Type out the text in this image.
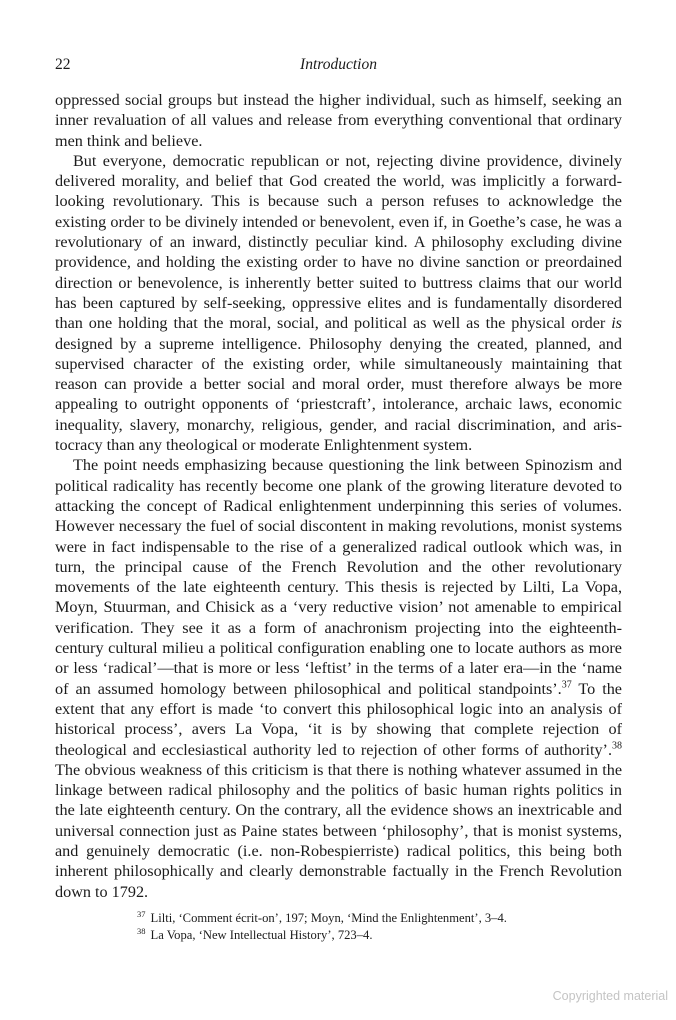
22	Introduction

oppressed social groups but instead the higher individual, such as himself, seeking an inner revaluation of all values and release from everything conventional that ordinary men think and believe.

But everyone, democratic republican or not, rejecting divine providence, divinely delivered morality, and belief that God created the world, was implicitly a forward-looking revolutionary. This is because such a person refuses to acknowledge the existing order to be divinely intended or benevolent, even if, in Goethe’s case, he was a revolutionary of an inward, distinctly peculiar kind. A philosophy excluding divine providence, and holding the existing order to have no divine sanction or preordained direction or benevolence, is inherently better suited to buttress claims that our world has been captured by self-seeking, oppressive elites and is fundamentally disordered than one holding that the moral, social, and political as well as the physical order is designed by a supreme intelligence. Philosophy denying the created, planned, and supervised character of the existing order, while simultaneously maintaining that reason can provide a better social and moral order, must therefore always be more appealing to outright opponents of ‘priestcraft’, intolerance, archaic laws, economic inequality, slavery, monarchy, religious, gender, and racial discrimination, and aristocracy than any theological or moderate Enlightenment system.

The point needs emphasizing because questioning the link between Spinozism and political radicality has recently become one plank of the growing literature devoted to attacking the concept of Radical enlightenment underpinning this series of volumes. However necessary the fuel of social discontent in making revolutions, monist systems were in fact indispensable to the rise of a generalized radical outlook which was, in turn, the principal cause of the French Revolution and the other revolutionary movements of the late eighteenth century. This thesis is rejected by Lilti, La Vopa, Moyn, Stuurman, and Chisick as a ‘very reductive vision’ not amenable to empirical verification. They see it as a form of anachronism projecting into the eighteenth-century cultural milieu a political configuration enabling one to locate authors as more or less ‘radical’—that is more or less ‘leftist’ in the terms of a later era—in the ‘name of an assumed homology between philosophical and political standpoints’.$^{37}$ To the extent that any effort is made ‘to convert this philosophical logic into an analysis of historical process’, avers La Vopa, ‘it is by showing that complete rejection of theological and ecclesiastical authority led to rejection of other forms of authority’.$^{38}$ The obvious weakness of this criticism is that there is nothing whatever assumed in the linkage between radical philosophy and the politics of basic human rights politics in the late eighteenth century. On the contrary, all the evidence shows an inextricable and universal connection just as Paine states between ‘philosophy’, that is monist systems, and genuinely democratic (i.e. non-Robespierriste) radical politics, this being both inherent philosophically and clearly demonstrable factually in the French Revolution down to 1792.

$^{37}$ Lilti, ‘Comment écrit-on’, 197; Moyn, ‘Mind the Enlightenment’, 3–4.

$^{38}$ La Vopa, ‘New Intellectual History’, 723–4.

Copyrighted material
